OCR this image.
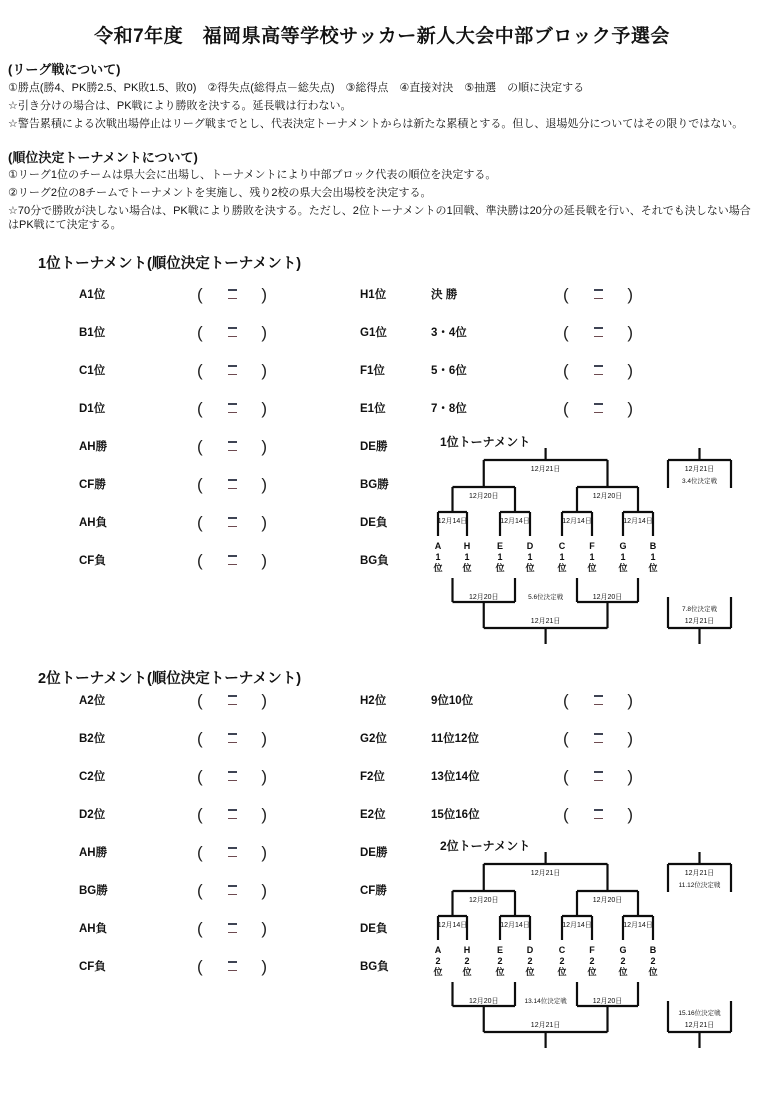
令和7年度　福岡県高等学校サッカー新人大会中部ブロック予選会
(リーグ戦について)
①勝点(勝4、PK勝2.5、PK敗1.5、敗0)　②得失点(総得点－総失点)　③総得点　④直接対決　⑤抽選　の順に決定する
☆引き分けの場合は、PK戦により勝敗を決する。延長戦は行わない。
☆警告累積による次戦出場停止はリーグ戦までとし、代表決定トーナメントからは新たな累積とする。但し、退場処分についてはその限りではない。
(順位決定トーナメントについて)
①リーグ1位のチームは県大会に出場し、トーナメントにより中部ブロック代表の順位を決定する。
②リーグ2位の8チームでトーナメントを実施し、残り2校の県大会出場校を決定する。
☆70分で勝敗が決しない場合は、PK戦により勝敗を決する。ただし、2位トーナメントの1回戦、準決勝は20分の延長戦を行い、それでも決しない場合
はPK戦にて決定する。
1位トーナメント(順位決定トーナメント)
A1位	(	)	H1位	決 勝	(	)
B1位	(	)	G1位	3・4位	(	)
C1位	(	)	F1位	5・6位	(	)
D1位	(	)	E1位	7・8位	(	)
AH勝	(	)	DE勝
CF勝	(	)	BG勝
AH負	(	)	DE負
CF負	(	)	BG負
1位トーナメント
12月21日
12月20日	12月20日
12月14日	12月14日	12月14日	12月14日
A
1
位
H
1
位
E
1
位
D
1
位
C
1
位
F
1
位
G
1
位
B
1
位
12月21日
3.4位決定戦
12月20日	12月20日
5.6位決定戦
12月21日
7.8位決定戦
12月21日
2位トーナメント(順位決定トーナメント)
A2位	(	)	H2位	9位10位	(	)
B2位	(	)	G2位	11位12位	(	)
C2位	(	)	F2位	13位14位	(	)
D2位	(	)	E2位	15位16位	(	)
AH勝	(	)	DE勝
BG勝	(	)	CF勝
AH負	(	)	DE負
CF負	(	)	BG負
2位トーナメント
12月21日
12月20日	12月20日
12月14日	12月14日	12月14日	12月14日
A
2
位
H
2
位
E
2
位
D
2
位
C
2
位
F
2
位
G
2
位
B
2
位
12月21日
11.12位決定戦
12月20日	12月20日
13.14位決定戦
12月21日
15.16位決定戦
12月21日
